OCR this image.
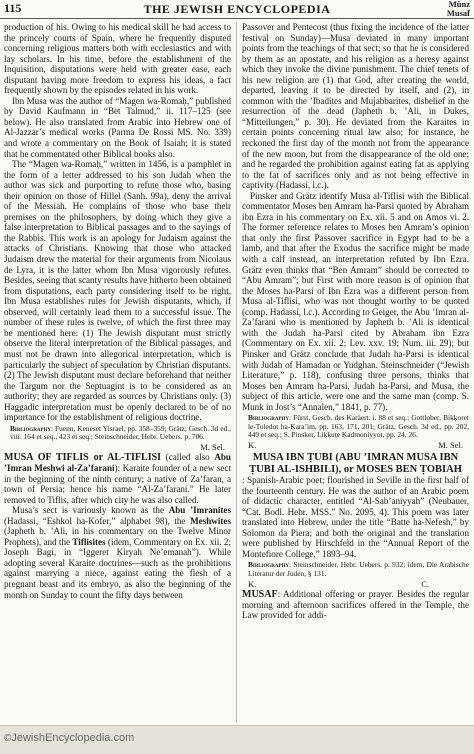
115	THE JEWISH ENCYCLOPEDIA	Mūnz
Musaf

production of his. Owing to his medical skill he had access to the princely courts of Spain, where he frequently disputed concerning religious matters both with ecclesiastics and with lay scholars. In his time, before the establishment of the Inquisition, disputations were held with greater ease, each disputant having more freedom to express his ideas, a fact frequently shown by the episodes related in his work.

Ibn Musa was the author of “Magen wa-Romaḥ,” published by David Kaufmann in “Bet Talmud,” ii. 117–125 (see below). He also translated from Arabic into Hebrew one of Al-Jazzar’s medical works (Parma De Rossi MS. No. 339) and wrote a commentary on the Book of Isaiah; it is stated that he commentated other Biblical books also.

The “Magen wa-Romaḥ,” written in 1456, is a pamphlet in the form of a letter addressed to his son Judah when the author was sick and purporting to refute those who, basing their opinion on those of Hillel (Sanh. 99a), deny the arrival of the Messiah. He complains of those who base their premises on the philosophers, by doing which they give a false interpretation to Biblical passages and to the sayings of the Rabbis. This work is an apology for Judaism against the attacks of Christians. Knowing that those who attacked Judaism drew the material for their arguments from Nicolaus de Lyra, it is the latter whom Ibn Musa vigorously refutes. Besides, seeing that scanty results have hitherto been obtained from disputations, each party considering itself to be right, Ibn Musa establishes rules for Jewish disputants, which, if observed, will certainly lead them to a successful issue. The number of these rules is twelve, of which the first three may be mentioned here: (1) The Jewish disputant must strictly observe the literal interpretation of the Biblical passages, and must not be drawn into allegorical interpretation, which is particularly the subject of speculation by Christian disputants. (2) The Jewish disputant must declare beforehand that neither the Targum nor the Septuagint is to be considered as an authority; they are regarded as sources by Christians only. (3) Haggadic interpretation must be openly declared to be of no importance for the establishment of religious doctrine.

Bibliography: Fuenn, Keneset Yisrael, pp. 358–359; Grätz, Gesch. 3d ed., viii. 164 et seq., 423 et seq.; Steinschneider, Hebr. Uebers. p. 706.

M. Sel.

MUSA OF TIFLIS or AL-TIFLISI (called also Abu ’Imran Meshwi al-Za’farani): Karaite founder of a new sect in the beginning of the ninth century; a native of Za’faran, a town of Persia; hence his name “Al-Za’farani.” He later removed to Tiflis, after which city he was also called.

Musa’s sect is variously known as the Abu ’Imranites (Hadassi, “Eshkol ha-Kofer,” alphabet 98), the Meshwites (Japheth b. ’Ali, in his commentary on the Twelve Minor Prophets), and the Tiflisites (idem, Commentary on Ex. xii. 2; Joseph Bagi, in “Iggeret Ḳiryah Ne’emanah”). While adopting several Karaite doctrines—such as the prohibitions against marrying a niece, against eating the flesh of a pregnant beast and its embryo, as also the beginning of the month on Sunday to count the fifty days between

Passover and Pentecost (thus fixing the incidence of the latter festival on Sunday)—Musa deviated in many important points from the teachings of that sect; so that he is considered by them as an apostate, and his religion as a heresy against which they invoke the divine punishment. The chief tenets of his new religion are (1) that God, after creating the world, departed, leaving it to be directed by itself, and (2), in common with the ’Ibadites and Mujabbarites, disbelief in the resurrection of the dead (Japheth b. ’Ali, in Dukes, “Mitteilungen,” p. 30). He deviated from the Karaites in certain points concerning ritual law also; for instance, he reckoned the first day of the month not from the appearance of the new moon, but from the disappearance of the old one; and he regarded the prohibition against eating fat as applying to the fat of sacrifices only and as not being effective in captivity (Hadassi, l.c.).

Pinsker and Grätz identify Musa al-Tiflisi with the Biblical commentator Moses ben Amram ha-Parsi quoted by Abraham ibn Ezra in his commentary on Ex. xii. 5 and on Amos vi. 2. The former reference relates to Moses ben Amram’s opinion that only the first Passover sacrifice in Egypt had to be a lamb, and that after the Exodus the sacrifice might be made with a calf instead, an interpretation refuted by Ibn Ezra. Grätz even thinks that “Ben Amram” should be corrected to “Abu Amram”; but First with more reason is of opinion that the Moses ha-Parsi of Ibn Ezra was a different person from Musa al-Tiflisi, who was not thought worthy to be quoted (comp. Hadassi, l.c.). According to Geiger, the Abu ’Imran al-Za’farani who is mentioned by Japheth b. ’Ali is identical with the Judah ha-Parsi cited by Abraham ibn Ezra (Commentary on Ex. xii. 2; Lev. xxv. 19; Num. iii. 29); but Pinsker and Grätz conclude that Judah ha-Parsi is identical with Judah of Hamadan or Yudghan. Steinschneider (“Jewish Literature,” p. 118), confusing three persons, thinks that Moses ben Amram ha-Parsi, Judah ha-Parsi, and Musa, the subject of this article, were one and the same man (comp. S. Munk in Jost’s “Annalen,” 1841, p. 77).

Bibliography: Fürst, Gesch. des Karäert. i. 88 et seq.; Gottlober, Biḳḳoret le-Toledot ha-Ḳara’im, pp. 163, 171, 201; Grätz, Gesch. 3d ed., pp. 202, 449 et seq.; S. Pinsker, Liḳḳuṭe Ḳadmoniyyot, pp. 24, 26.

K.	M. Sel.
MUSA IBN ṬUBI (ABU ’IMRAN MUSA IBN ṬUBI AL-ISHBILI), or MOSES BEN ṬOBIAH

: Spanish-Arabic poet; flourished in Seville in the first half of the fourteenth century. He was the author of an Arabic poem of didactic character, entitled “Al-Sab’aniyyah” (Neubauer, “Cat. Bodl. Hebr. MSS.” No. 2095, 4). This poem was later translated into Hebrew, under the title “Batte ha-Nefesh,” by Solomon da Piera; and both the original and the translation were published by Hirschfeld in the “Annual Report of the Montefiore College,” 1893–94.

Bibliography: Steinschneider, Hebr. Uebers. p. 932; idem, Die Arabische Literatur der Juden, § 131.

K.	C.

MUSAF: Additional offering or prayer. Besides the regular morning and afternoon sacrifices offered in the Temple, the Law provided for addi-

©JewishEncyclopedia.com
